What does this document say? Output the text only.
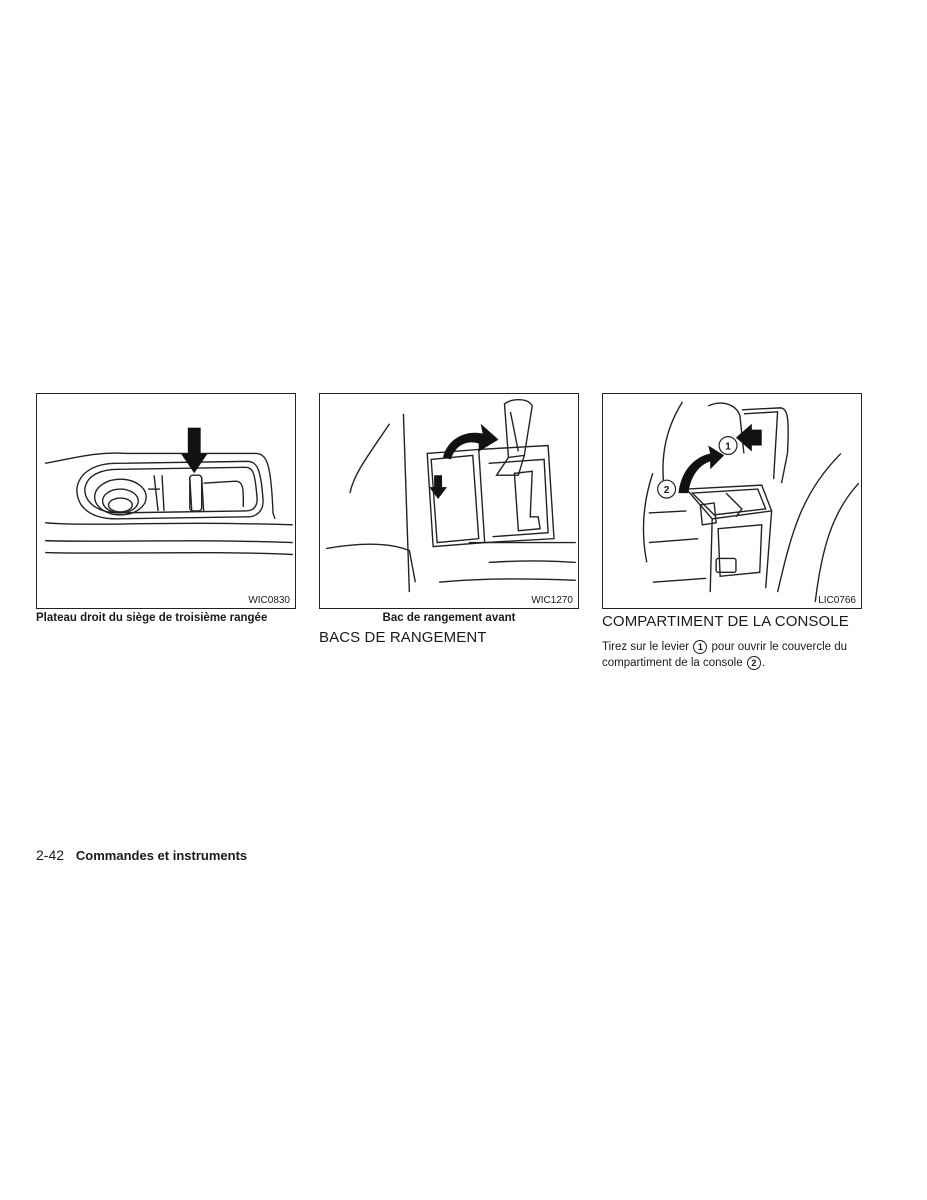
WIC0830	WIC1270
1
2
LIC0766
Plateau droit du siège de troisième rangée	Bac de rangement avant
BACS DE RANGEMENT
COMPARTIMENT DE LA CONSOLE
Tirez sur le levier 1 pour ouvrir le couvercle du compartiment de la console 2 .
2-42 Commandes et instruments
